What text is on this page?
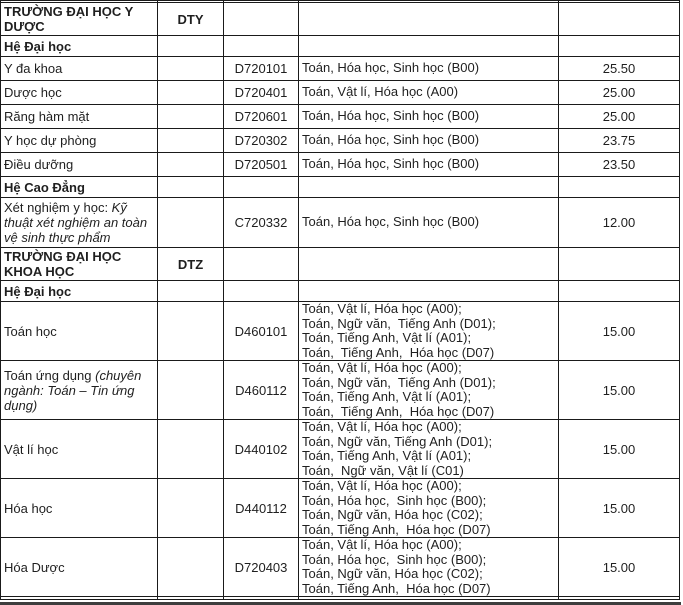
TRƯỜNG ĐẠI HỌC Y DƯỢC	DTY			
Hệ Đại học				
Y đa khoa		D720101	Toán, Hóa học, Sinh học (B00)	25.50
Dược học		D720401	Toán, Vật lí, Hóa học (A00)	25.00
Răng hàm mặt		D720601	Toán, Hóa học, Sinh học (B00)	25.00
Y học dự phòng		D720302	Toán, Hóa học, Sinh học (B00)	23.75
Điều dưỡng		D720501	Toán, Hóa học, Sinh học (B00)	23.50
Hệ Cao Đẳng				
Xét nghiệm y học: Kỹ thuật xét nghiệm an toàn vệ sinh thực phẩm		C720332	Toán, Hóa học, Sinh học (B00)	12.00
TRƯỜNG ĐẠI HỌC KHOA HỌC	DTZ			
Hệ Đại học				
Toán học		D460101	Toán, Vật lí, Hóa học (A00);
Toán, Ngữ văn,  Tiếng Anh (D01);
Toán, Tiếng Anh, Vật lí (A01);
Toán,  Tiếng Anh,  Hóa học (D07)	15.00
Toán ứng dụng (chuyên ngành: Toán – Tin ứng dụng)		D460112	Toán, Vật lí, Hóa học (A00);
Toán, Ngữ văn,  Tiếng Anh (D01);
Toán, Tiếng Anh, Vật lí (A01);
Toán,  Tiếng Anh,  Hóa học (D07)	15.00
Vật lí học		D440102	Toán, Vật lí, Hóa học (A00);
Toán, Ngữ văn, Tiếng Anh (D01);
Toán, Tiếng Anh, Vật lí (A01);
Toán,  Ngữ văn, Vật lí (C01)	15.00
Hóa học		D440112	Toán, Vật lí, Hóa học (A00);
Toán, Hóa học,  Sinh học (B00);
Toán, Ngữ văn, Hóa học (C02);
Toán, Tiếng Anh,  Hóa học (D07)	15.00
Hóa Dược		D720403	Toán, Vật lí, Hóa học (A00);
Toán, Hóa học,  Sinh học (B00);
Toán, Ngữ văn, Hóa học (C02);
Toán, Tiếng Anh,  Hóa học (D07)	15.00
